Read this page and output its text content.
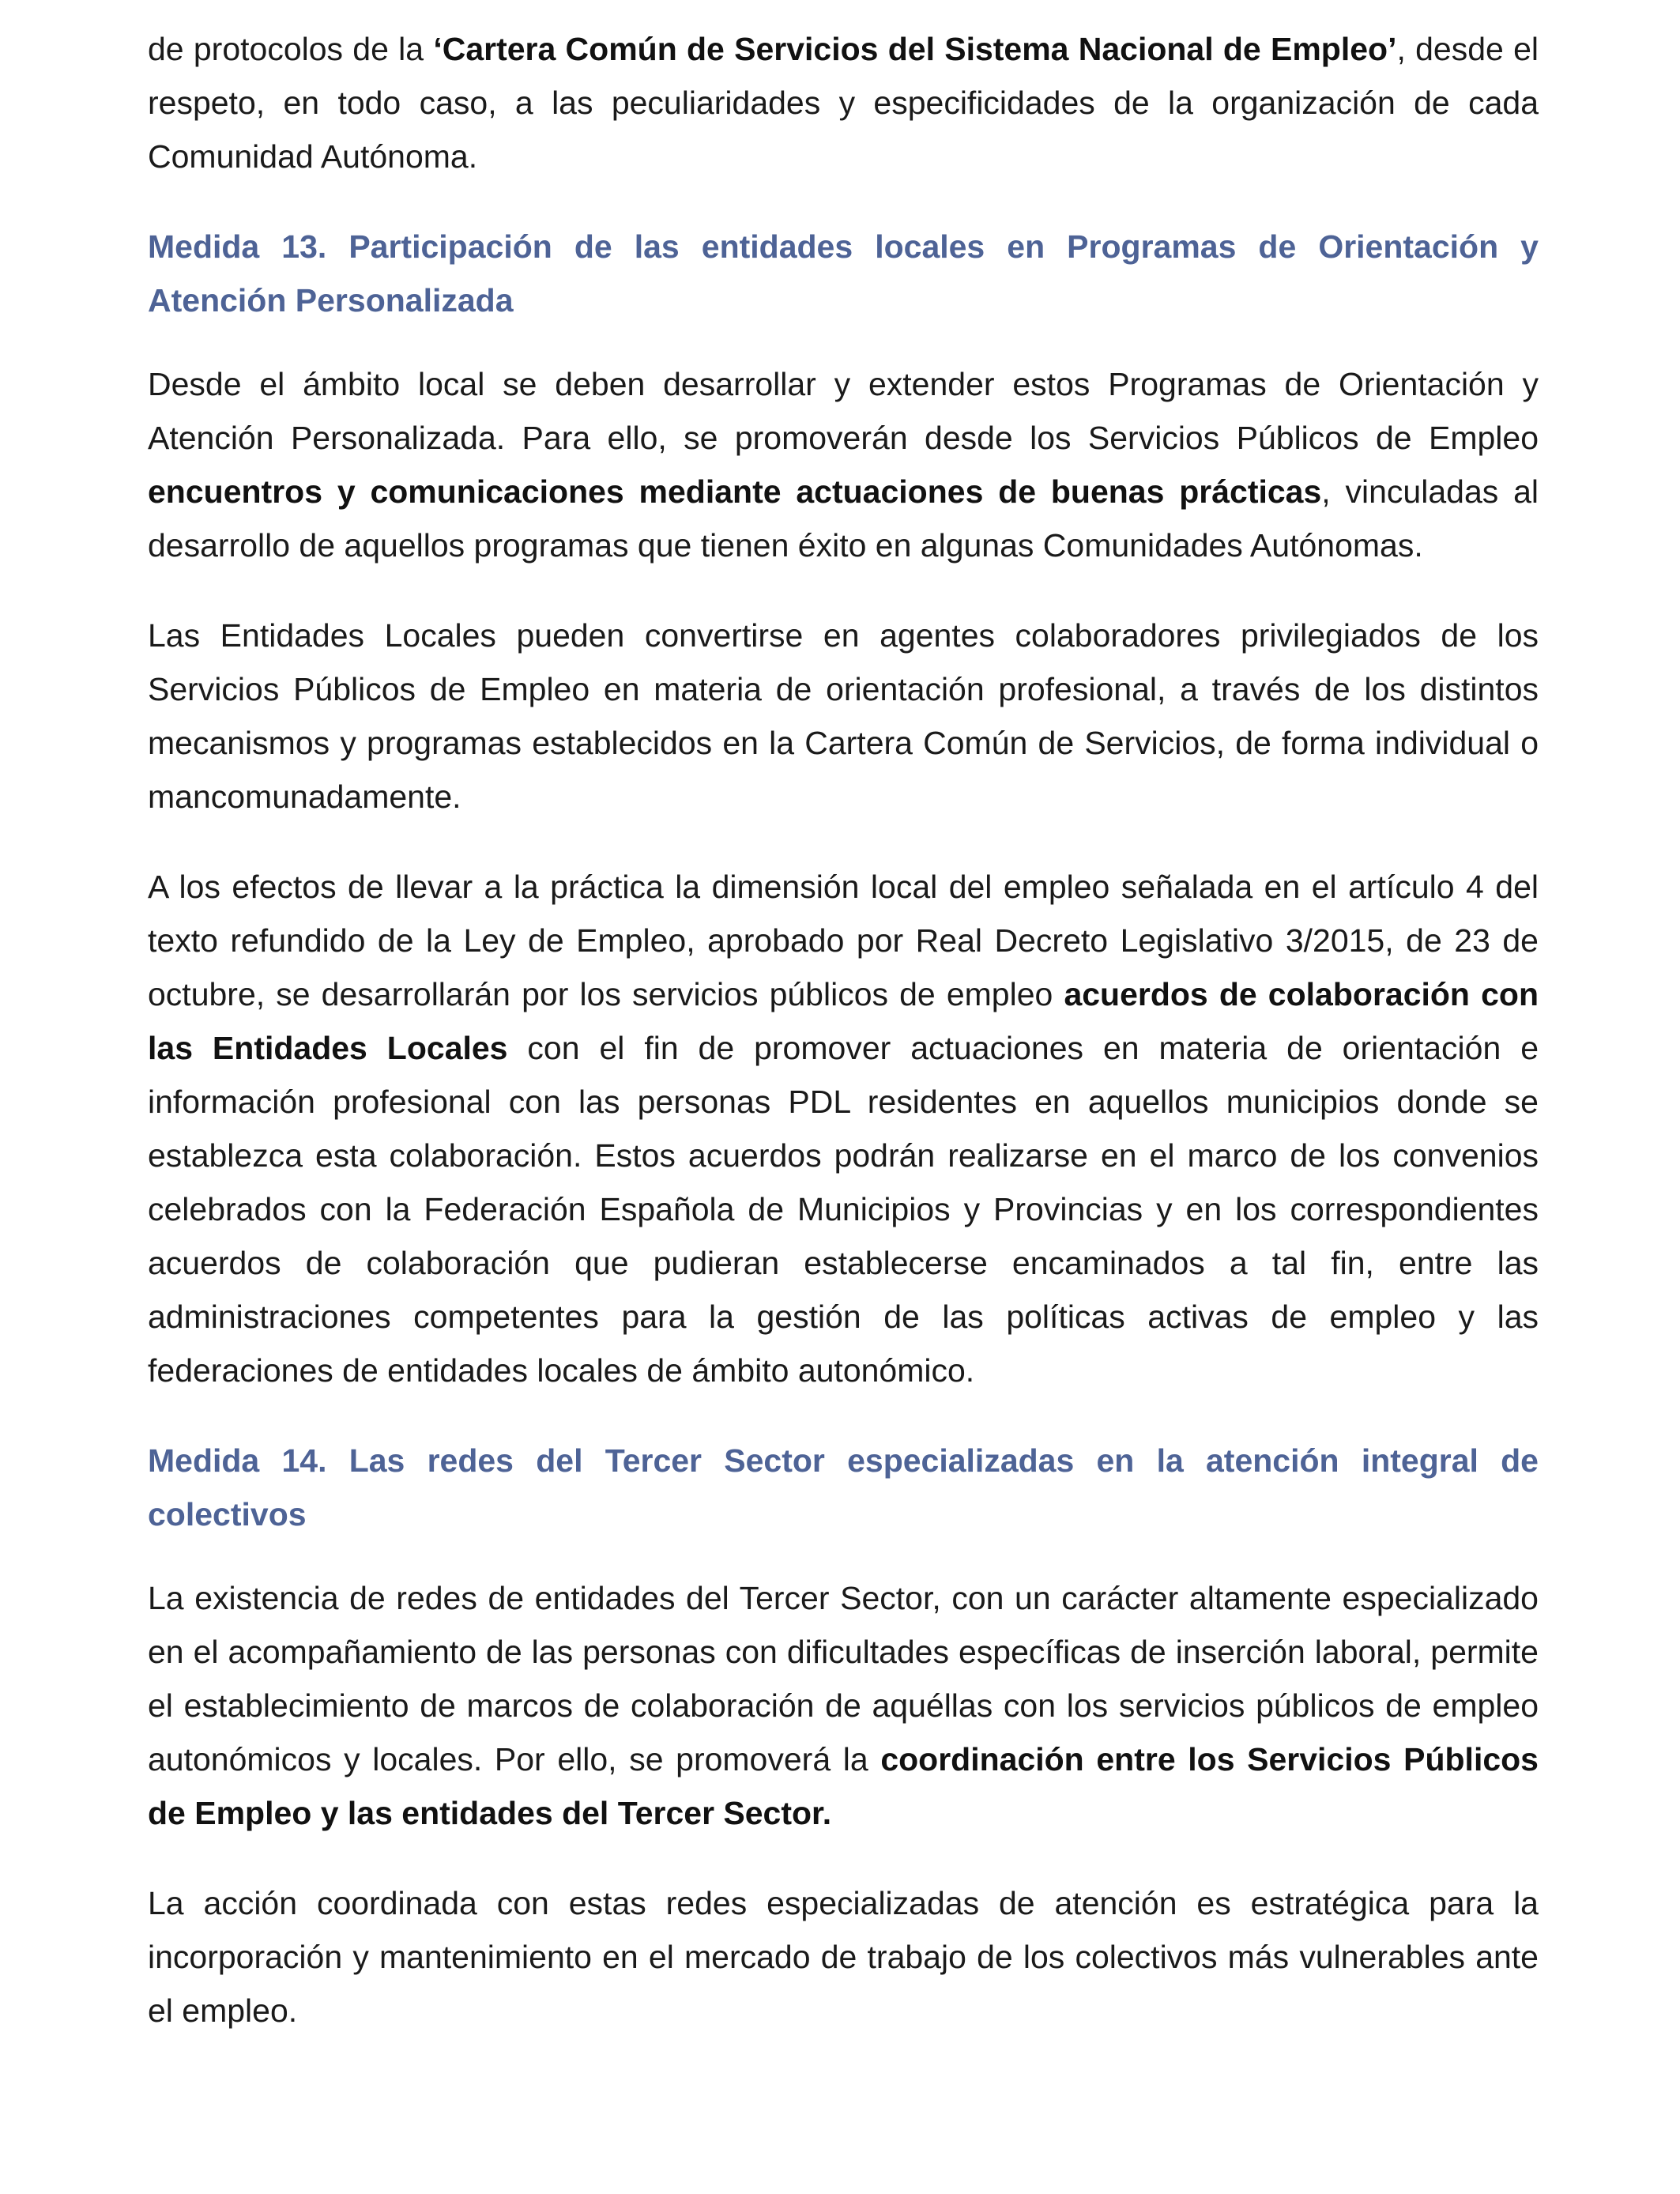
de protocolos de la ‘Cartera Común de Servicios del Sistema Nacional de Empleo’, desde el respeto, en todo caso, a las peculiaridades y especificidades de la organización de cada Comunidad Autónoma.

Medida 13. Participación de las entidades locales en Programas de Orientación y Atención Personalizada

Desde el ámbito local se deben desarrollar y extender estos Programas de Orientación y Atención Personalizada. Para ello, se promoverán desde los Servicios Públicos de Empleo encuentros y comunicaciones mediante actuaciones de buenas prácticas, vinculadas al desarrollo de aquellos programas que tienen éxito en algunas Comunidades Autónomas.

Las Entidades Locales pueden convertirse en agentes colaboradores privilegiados de los Servicios Públicos de Empleo en materia de orientación profesional, a través de los distintos mecanismos y programas establecidos en la Cartera Común de Servicios, de forma individual o mancomunadamente.

A los efectos de llevar a la práctica la dimensión local del empleo señalada en el artículo 4 del texto refundido de la Ley de Empleo, aprobado por Real Decreto Legislativo 3/2015, de 23 de octubre, se desarrollarán por los servicios públicos de empleo acuerdos de colaboración con las Entidades Locales con el fin de promover actuaciones en materia de orientación e información profesional con las personas PDL residentes en aquellos municipios donde se establezca esta colaboración. Estos acuerdos podrán realizarse en el marco de los convenios celebrados con la Federación Española de Municipios y Provincias y en los correspondientes acuerdos de colaboración que pudieran establecerse encaminados a tal fin, entre las administraciones competentes para la gestión de las políticas activas de empleo y las federaciones de entidades locales de ámbito autonómico.

Medida 14. Las redes del Tercer Sector especializadas en la atención integral de colectivos

La existencia de redes de entidades del Tercer Sector, con un carácter altamente especializado en el acompañamiento de las personas con dificultades específicas de inserción laboral, permite el establecimiento de marcos de colaboración de aquéllas con los servicios públicos de empleo autonómicos y locales. Por ello, se promoverá la coordinación entre los Servicios Públicos de Empleo y las entidades del Tercer Sector.

La acción coordinada con estas redes especializadas de atención es estratégica para la incorporación y mantenimiento en el mercado de trabajo de los colectivos más vulnerables ante el empleo.
